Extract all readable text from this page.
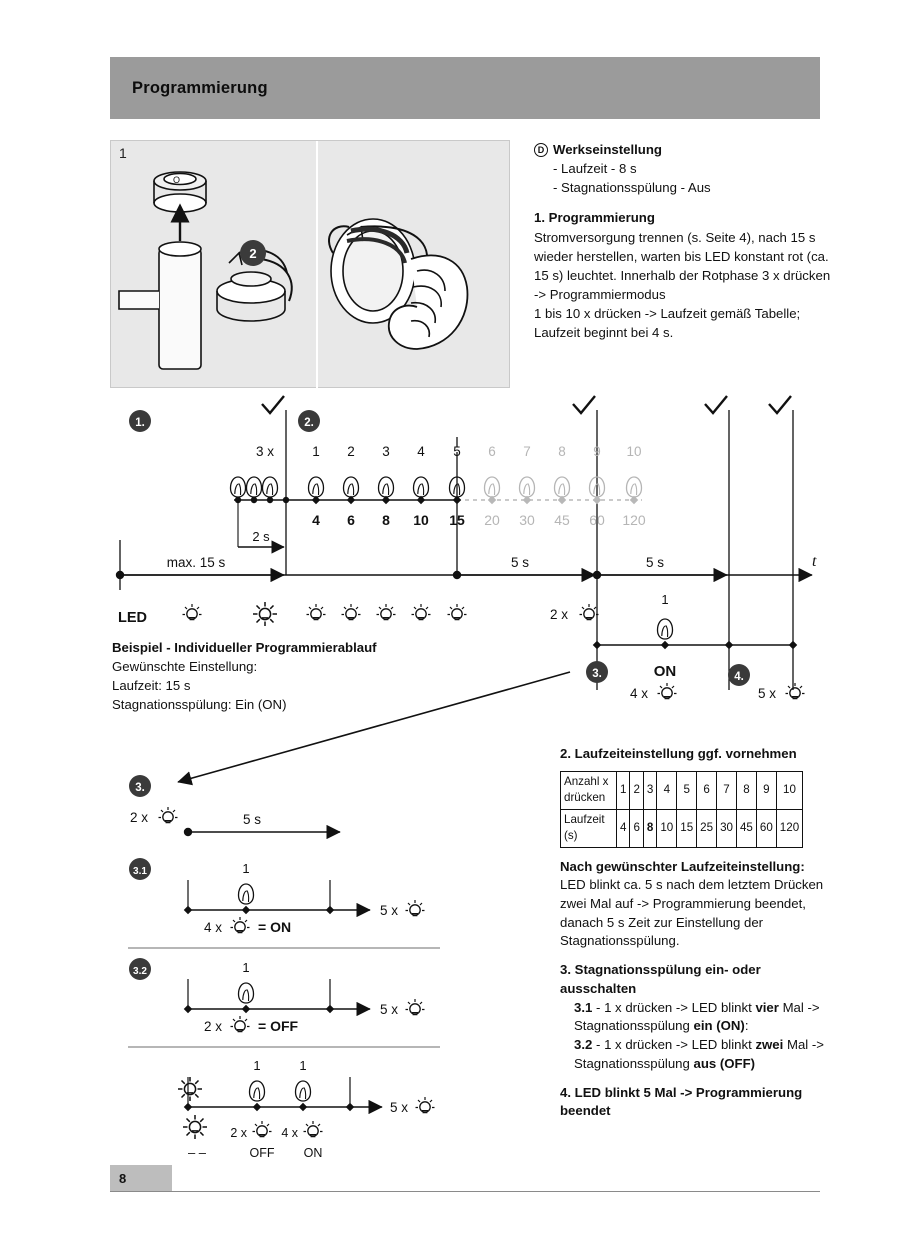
Programmierung
1
O
2
D Werkseinstellung
- Laufzeit - 8 s
- Stagnationsspülung - Aus
1. Programmierung
Stromversorgung trennen (s. Seite 4), nach 15 s wieder herstellen, warten bis LED konstant rot (ca. 15 s) leuchtet. Innerhalb der Rotphase 3 x drücken -> Programmiermodus
1 bis 10 x drücken -> Laufzeit gemäß Tabelle; Laufzeit beginnt bei 4 s.
1.	2.
3 x	1 2 3 4 5 6 7 8 9 10
4 6 8 10 15 20 30 45 60 120
t
max. 15 s
2 s
5 s	5 s
LED	2 x
1
3.	4.
ON
4 x	5 x
3.
2 x	5 s
3.1	1
5 x
4 x	= ON
3.2	1
5 x
2 x	= OFF
1	1
5 x
2 x	4 x
– –	OFF ON
Beispiel - Individueller Programmierablauf
Gewünschte Einstellung:
Laufzeit: 15 s
Stagnationsspülung: Ein (ON)
2. Laufzeiteinstellung ggf. vornehmen
Anzahl x drücken	1	2	3	4	5	6	7	8	9	10
Laufzeit (s)	4	6	8	10	15	25	30	45	60	120
Nach gewünschter Laufzeiteinstellung:
LED blinkt ca. 5 s nach dem letztem Drücken zwei Mal auf -> Programmierung beendet, danach 5 s Zeit zur Einstellung der Stagnationsspülung.
3. Stagnationsspülung ein- oder ausschalten
3.1 - 1 x drücken -> LED blinkt vier Mal -> Stagnationsspülung ein (ON):
3.2 - 1 x drücken -> LED blinkt zwei Mal -> Stagnationsspülung aus (OFF)
4. LED blinkt 5 Mal -> Programmierung beendet
8
